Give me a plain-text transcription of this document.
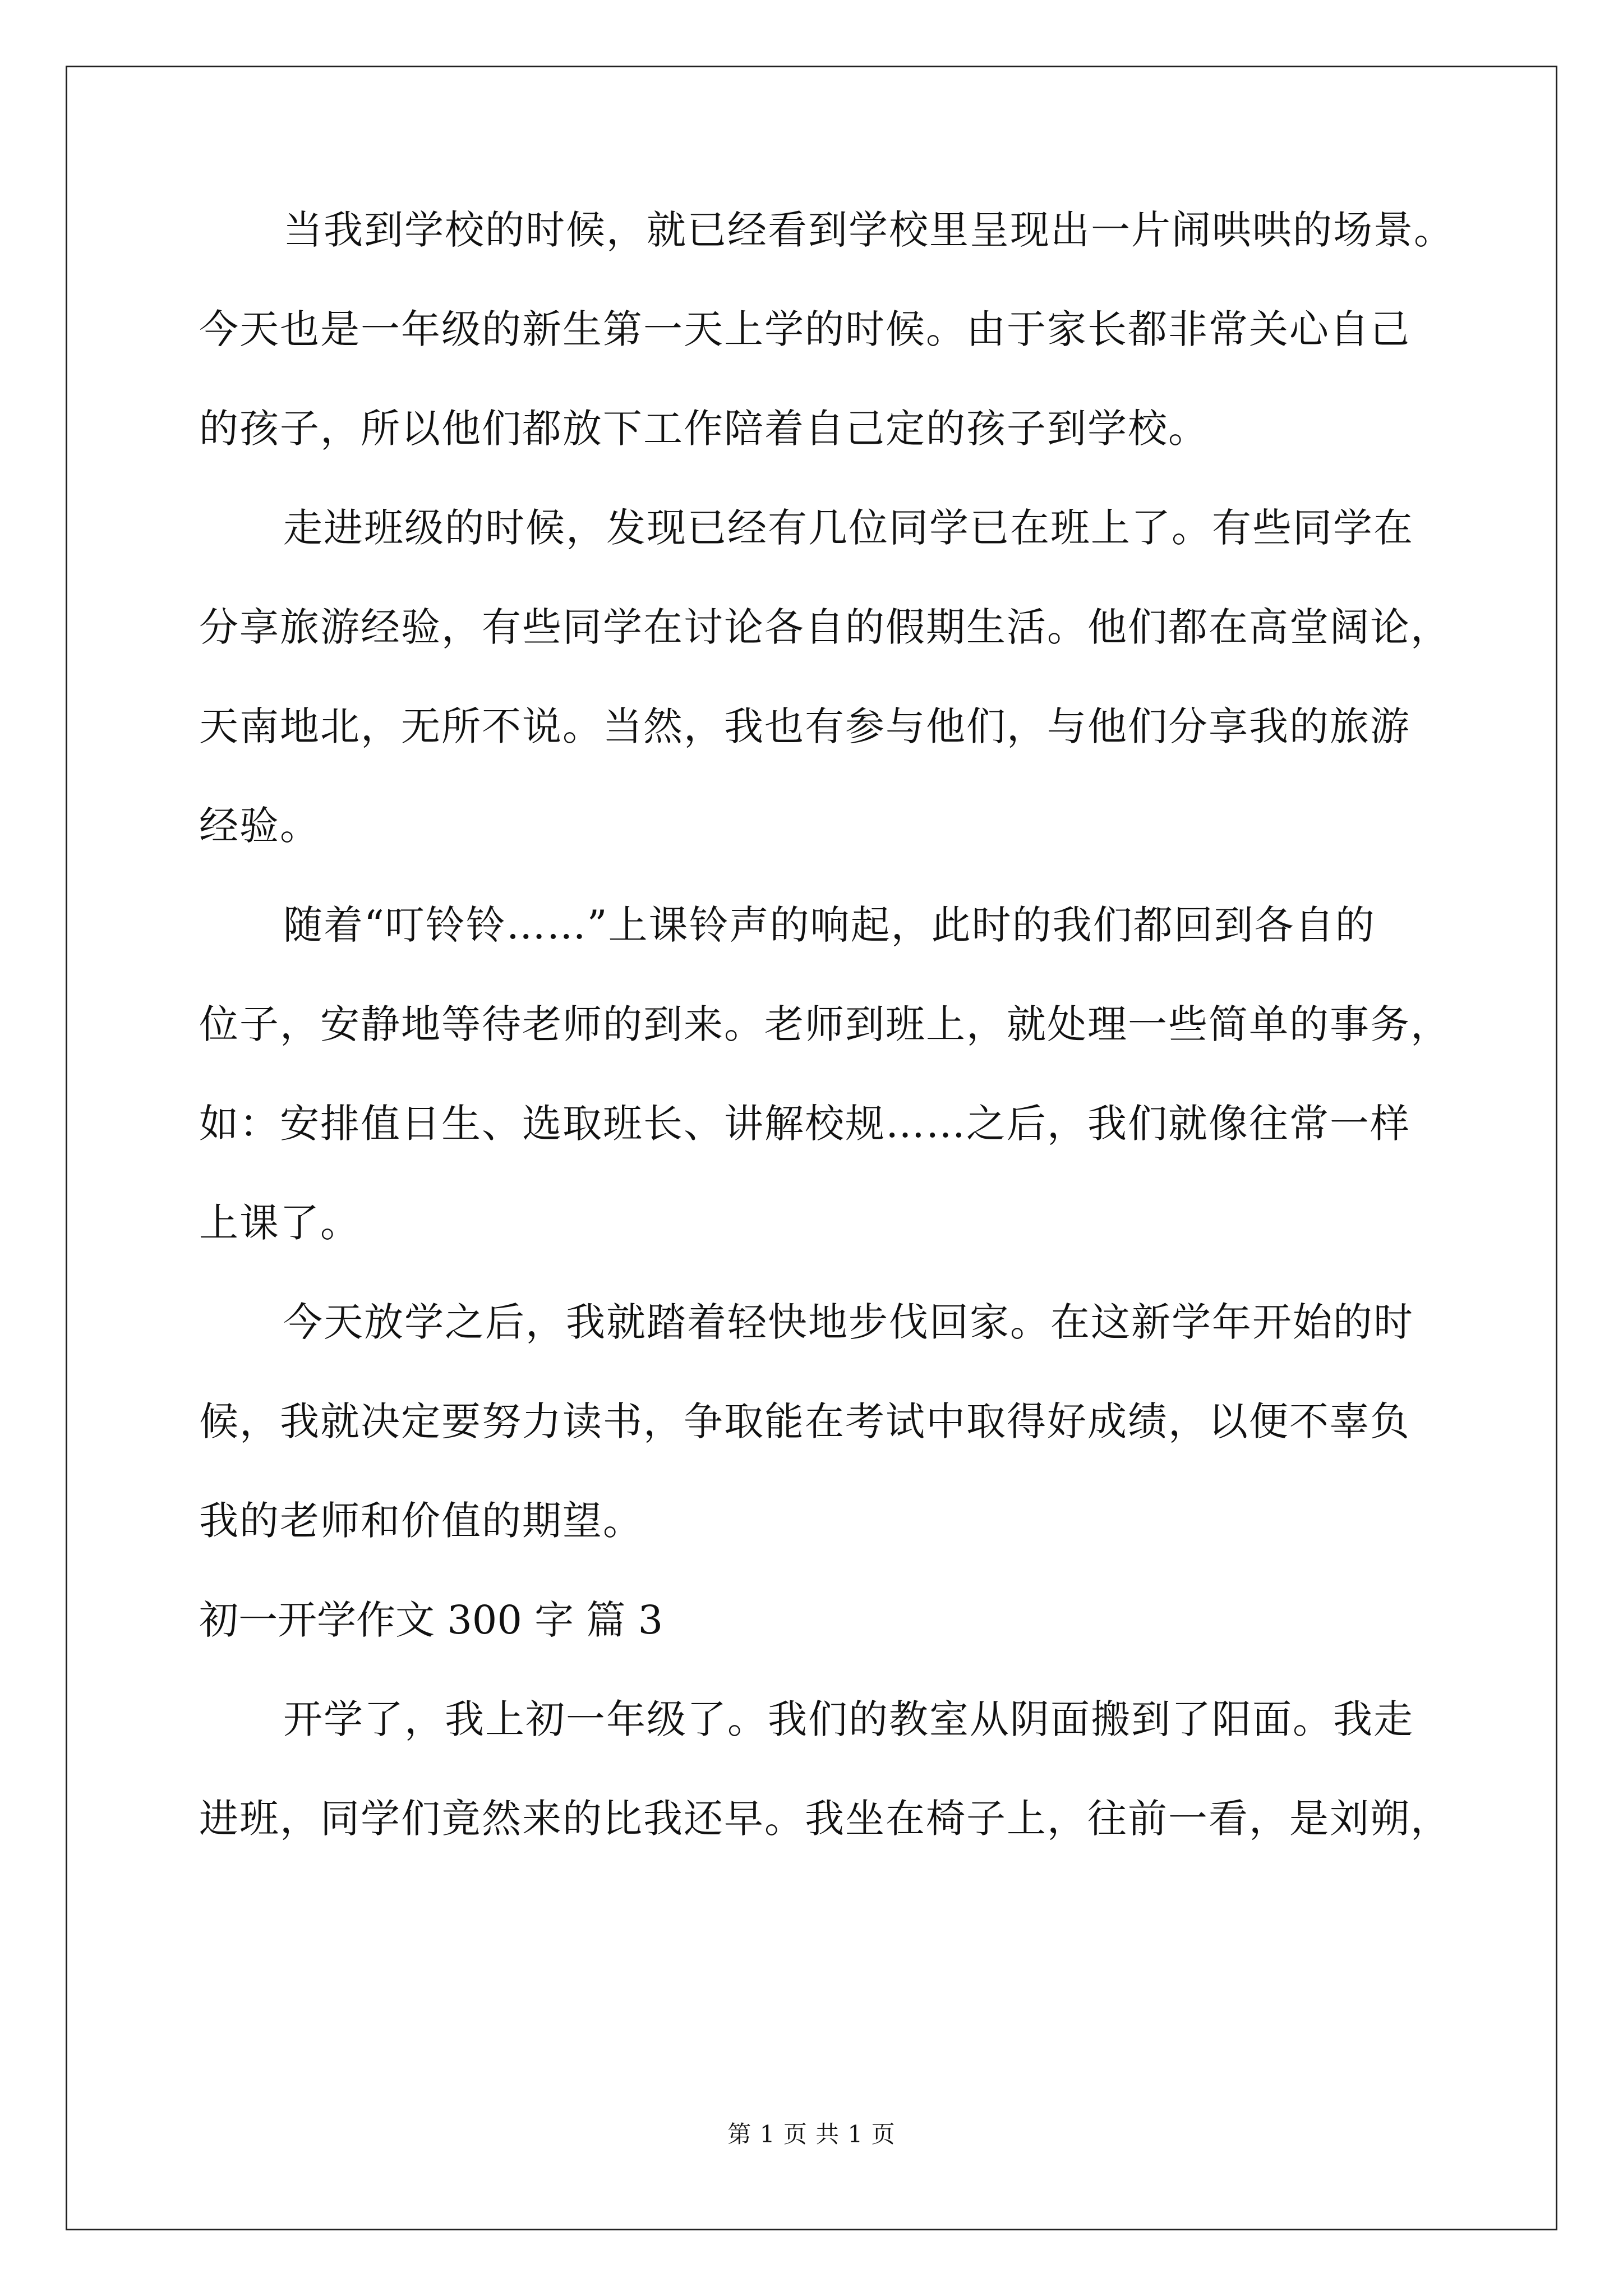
当我到学校的时候，就已经看到学校里呈现出一片闹哄哄的场景。
今天也是一年级的新生第一天上学的时候。由于家长都非常关心自己
的孩子，所以他们都放下工作陪着自己定的孩子到学校。
走进班级的时候，发现已经有几位同学已在班上了。有些同学在
分享旅游经验，有些同学在讨论各自的假期生活。他们都在高堂阔论，
天南地北，无所不说。当然，我也有参与他们，与他们分享我的旅游
经验。
随着“叮铃铃……”上课铃声的响起，此时的我们都回到各自的
位子，安静地等待老师的到来。老师到班上，就处理一些简单的事务，
如：安排值日生、选取班长、讲解校规……之后，我们就像往常一样
上课了。
今天放学之后，我就踏着轻快地步伐回家。在这新学年开始的时
候，我就决定要努力读书，争取能在考试中取得好成绩，以便不辜负
我的老师和价值的期望。
初一开学作文 300 字 篇 3
开学了，我上初一年级了。我们的教室从阴面搬到了阳面。我走
进班，同学们竟然来的比我还早。我坐在椅子上，往前一看，是刘朔，
第 1 页 共 1 页
